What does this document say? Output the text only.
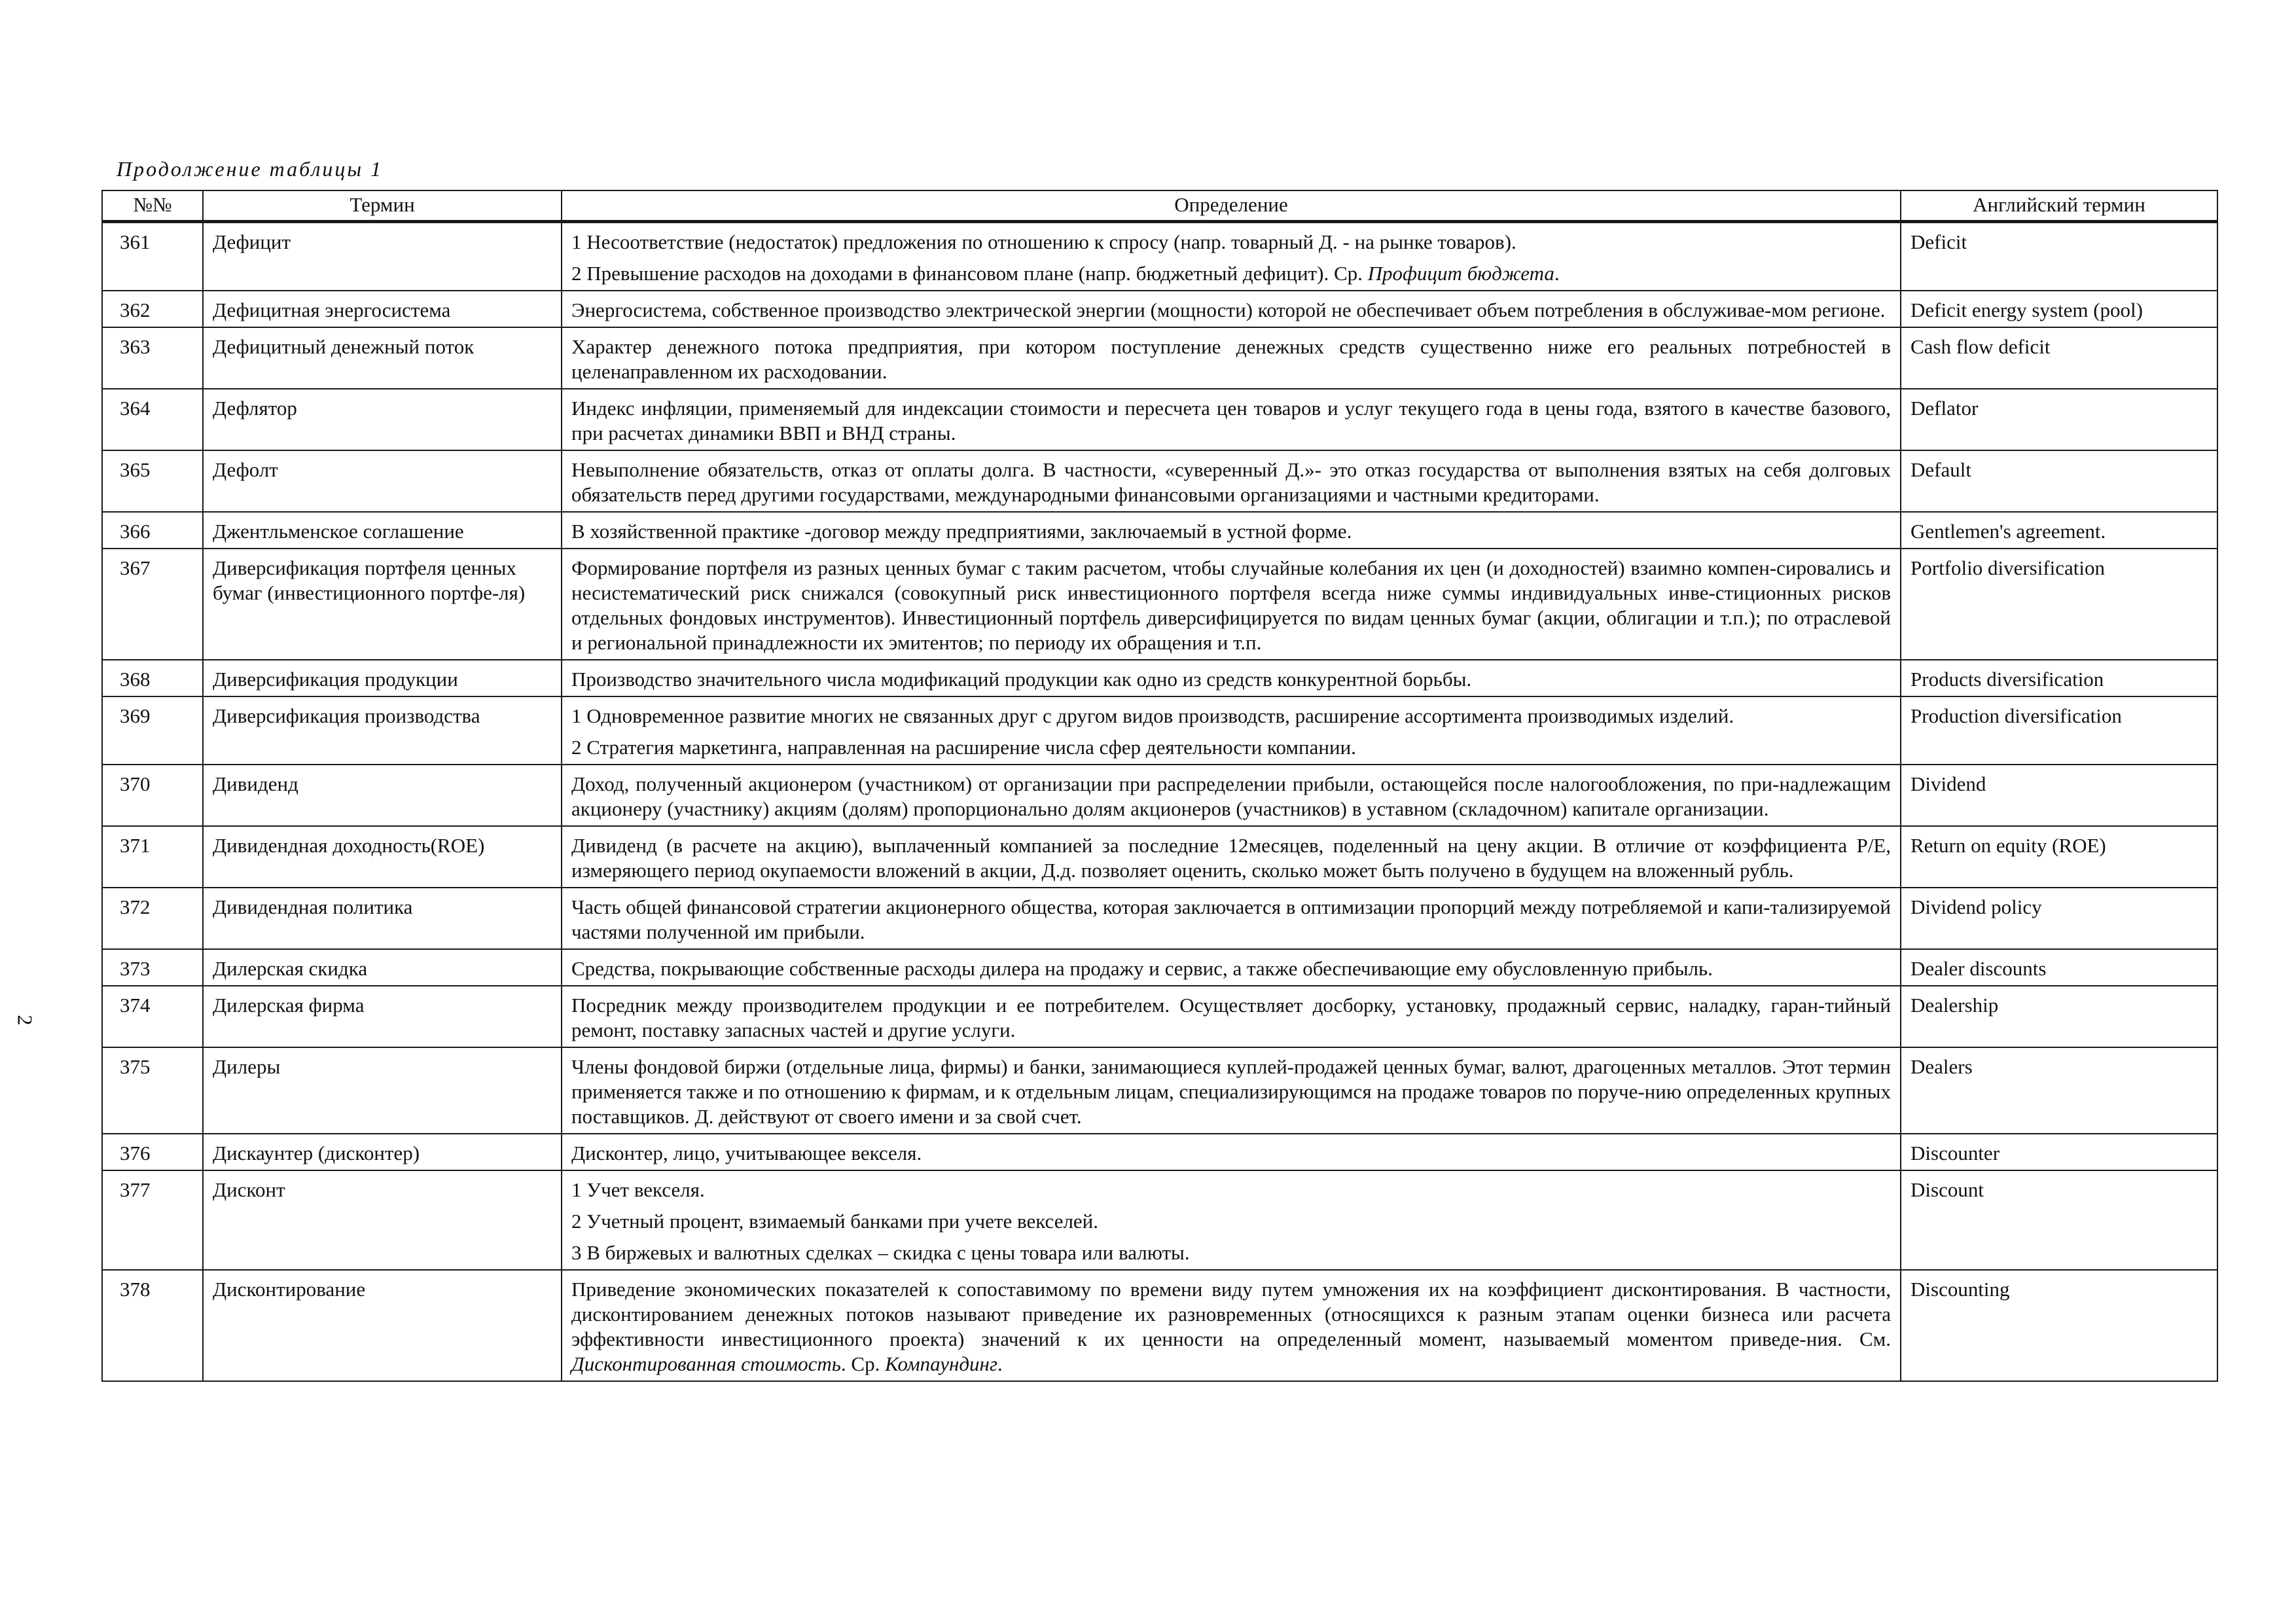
Продолжение таблицы 1
2
№№	Термин	Определение	Английский термин
361	Дефицит	1 Несоответствие (недостаток) предложения по отношению к спросу (напр. товарный Д. - на рынке товаров).
2 Превышение расходов на доходами в финансовом плане (напр. бюджетный дефицит). Ср. Профицит бюджета.	Deficit
362	Дефицитная энергосистема	Энергосистема, собственное производство электрической энергии (мощности) которой не обеспечивает объем потребления в обслуживае-мом регионе.	Deficit energy system (pool)
363	Дефицитный денежный поток	Характер денежного потока предприятия, при котором поступление денежных средств существенно ниже его реальных потребностей в целенаправленном их расходовании.	Cash flow deficit
364	Дефлятор	Индекс инфляции, применяемый для индексации стоимости и пересчета цен товаров и услуг текущего года в цены года, взятого в качестве базового, при расчетах динамики ВВП и ВНД страны.	Deflator
365	Дефолт	Невыполнение обязательств, отказ от оплаты долга. В частности, «суверенный Д.»- это отказ государства от выполнения взятых на себя долговых обязательств перед другими государствами, международными финансовыми организациями и частными кредиторами.	Default
366	Джентльменское соглашение	В хозяйственной практике -договор между предприятиями, заключаемый в устной форме.	Gentlemen's agreement.
367	Диверсификация портфеля ценных бумаг (инвестиционного портфе-ля)	Формирование портфеля из разных ценных бумаг с таким расчетом, чтобы случайные колебания их цен (и доходностей) взаимно компен-сировались и несистематический риск снижался (совокупный риск инвестиционного портфеля всегда ниже суммы индивидуальных инве-стиционных рисков отдельных фондовых инструментов). Инвестиционный портфель диверсифицируется по видам ценных бумаг (акции, облигации и т.п.); по отраслевой и региональной принадлежности их эмитентов; по периоду их обращения и т.п.	Portfolio diversification
368	Диверсификация продукции	Производство значительного числа модификаций продукции как одно из средств конкурентной борьбы.	Products diversification
369	Диверсификация производства	1 Одновременное развитие многих не связанных друг с другом видов производств, расширение ассортимента производимых изделий.
2 Стратегия маркетинга, направленная на расширение числа сфер деятельности компании.	Production diversification
370	Дивиденд	Доход, полученный акционером (участником) от организации при распределении прибыли, остающейся после налогообложения, по при-надлежащим акционеру (участнику) акциям (долям) пропорционально долям акционеров (участников) в уставном (складочном) капитале организации.	Dividend
371	Дивидендная доходность(ROE)	Дивиденд (в расчете на акцию), выплаченный компанией за последние 12месяцев, поделенный на цену акции. В отличие от коэффициента Р/Е, измеряющего период окупаемости вложений в акции, Д.д. позволяет оценить, сколько может быть получено в будущем на вложенный рубль.	Return on equity (ROE)
372	Дивидендная политика	Часть общей финансовой стратегии акционерного общества, которая заключается в оптимизации пропорций между потребляемой и капи-тализируемой частями полученной им прибыли.	Dividend policy
373	Дилерская скидка	Средства, покрывающие собственные расходы дилера на продажу и сервис, а также обеспечивающие ему обусловленную прибыль.	Dealer discounts
374	Дилерская фирма	Посредник между производителем продукции и ее потребителем. Осуществляет досборку, установку, продажный сервис, наладку, гаран-тийный ремонт, поставку запасных частей и другие услуги.	Dealership
375	Дилеры	Члены фондовой биржи (отдельные лица, фирмы) и банки, занимающиеся куплей-продажей ценных бумаг, валют, драгоценных металлов. Этот термин применяется также и по отношению к фирмам, и к отдельным лицам, специализирующимся на продаже товаров по поруче-нию определенных крупных поставщиков. Д. действуют от своего имени и за свой счет.	Dealers
376	Дискаунтер (дисконтер)	Дисконтер, лицо, учитывающее векселя.	Discounter
377	Дисконт	1 Учет векселя.
2 Учетный процент, взимаемый банками при учете векселей.
3 В биржевых и валютных сделках – скидка с цены товара или валюты.	Discount
378	Дисконтирование	Приведение экономических показателей к сопоставимому по времени виду путем умножения их на коэффициент дисконтирования. В частности, дисконтированием денежных потоков называют приведение их разновременных (относящихся к разным этапам оценки бизнеса или расчета эффективности инвестиционного проекта) значений к их ценности на определенный момент, называемый моментом приведе-ния. См. Дисконтированная стоимость. Ср. Компаундинг.	Discounting
